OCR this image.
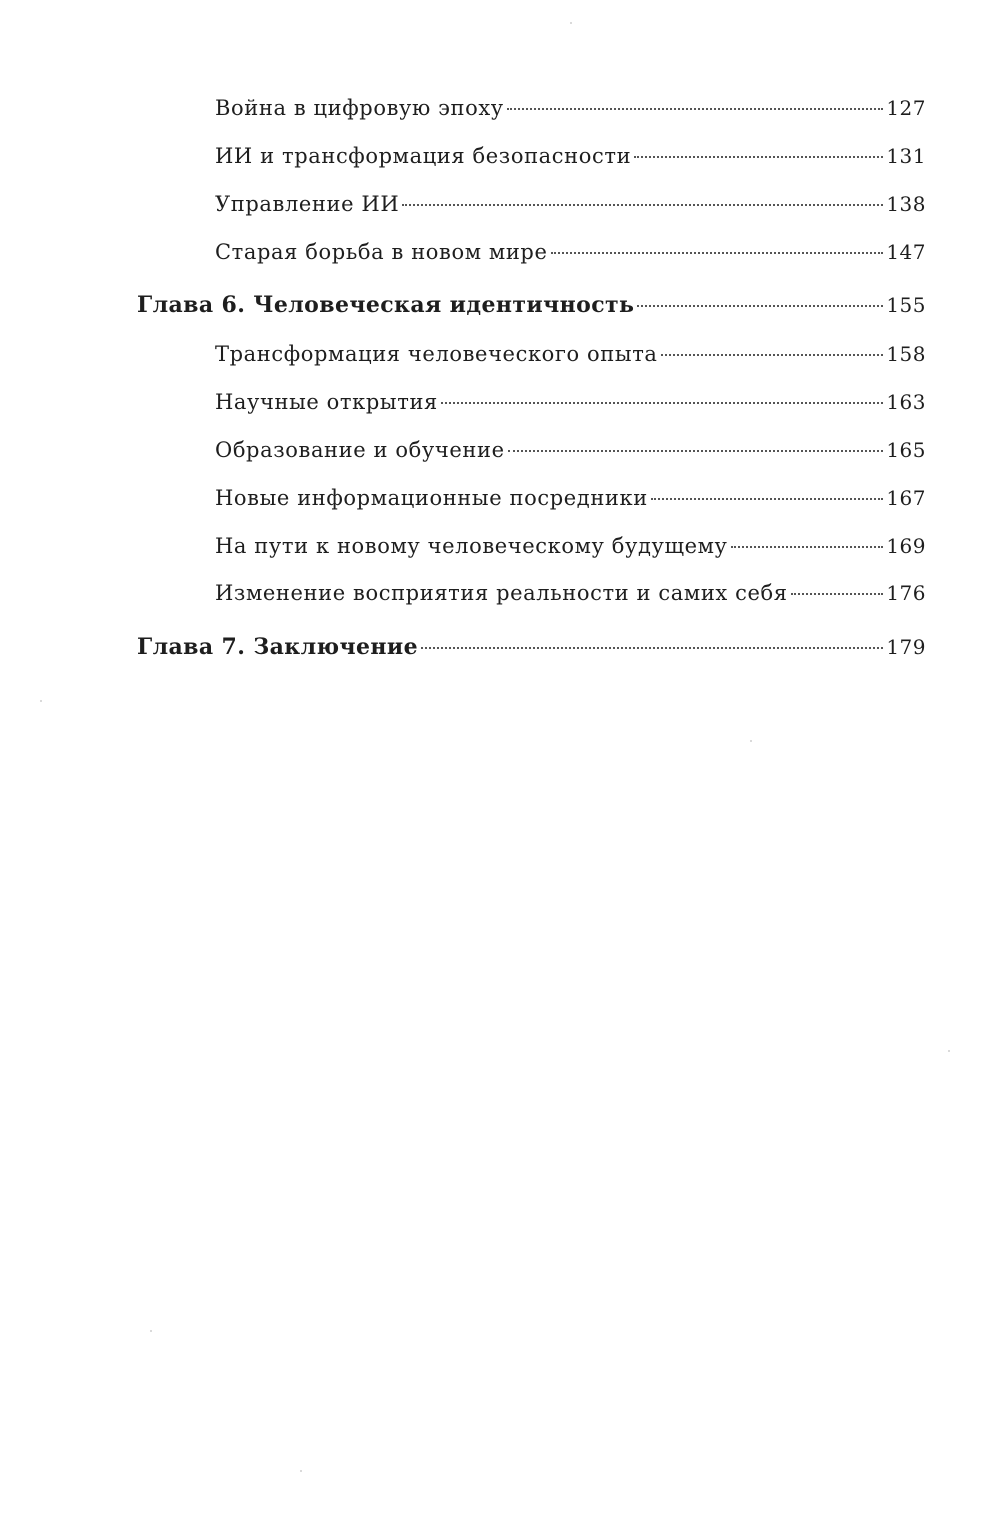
Война в цифровую эпоху	127
ИИ и трансформация безопасности	131
Управление ИИ	138
Старая борьба в новом мире	147
Глава 6. Человеческая идентичность	155
Трансформация человеческого опыта	158
Научные открытия	163
Образование и обучение	165
Новые информационные посредники	167
На пути к новому человеческому будущему	169
Изменение восприятия реальности и самих себя	176
Глава 7. Заключение	179
